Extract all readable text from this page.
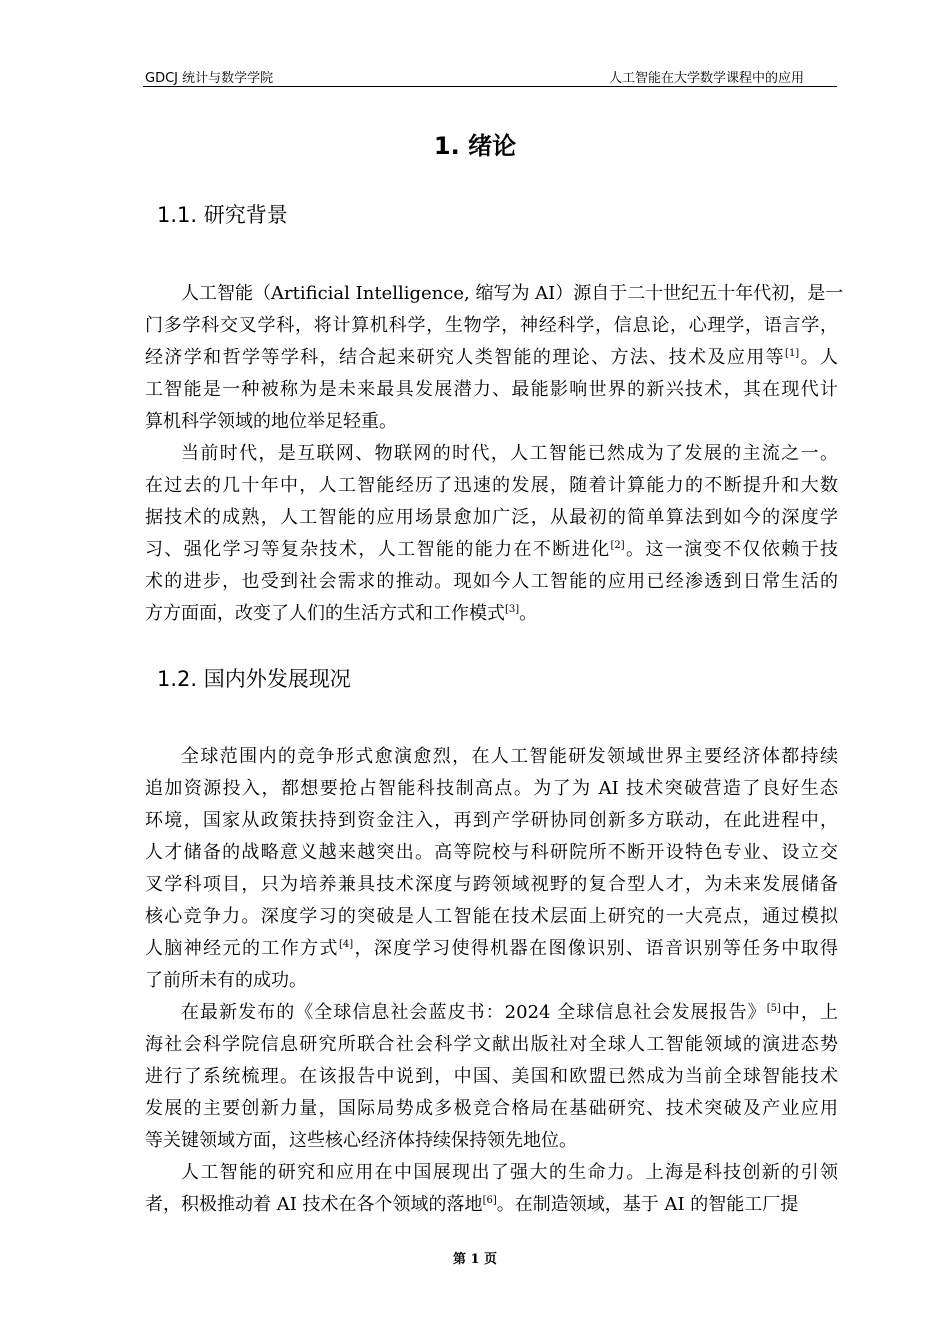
GDCJ 统计与数学学院	人工智能在大学数学课程中的应用
1. 绪论
1.1. 研究背景
人工智能（Artificial Intelligence, 缩写为 AI）源自于二十世纪五十年代初，是一
门多学科交叉学科，将计算机科学，生物学，神经科学，信息论，心理学，语言学，
经济学和哲学等学科，结合起来研究人类智能的理论、方法、技术及应用等[1]。人
工智能是一种被称为是未来最具发展潜力、最能影响世界的新兴技术，其在现代计
算机科学领域的地位举足轻重。
当前时代，是互联网、物联网的时代，人工智能已然成为了发展的主流之一。
在过去的几十年中，人工智能经历了迅速的发展，随着计算能力的不断提升和大数
据技术的成熟，人工智能的应用场景愈加广泛，从最初的简单算法到如今的深度学
习、强化学习等复杂技术，人工智能的能力在不断进化[2]。这一演变不仅依赖于技
术的进步，也受到社会需求的推动。现如今人工智能的应用已经渗透到日常生活的
方方面面，改变了人们的生活方式和工作模式[3]。
1.2. 国内外发展现况
全球范围内的竞争形式愈演愈烈，在人工智能研发领域世界主要经济体都持续
追加资源投入，都想要抢占智能科技制高点。为了为 AI 技术突破营造了良好生态
环境，国家从政策扶持到资金注入，再到产学研协同创新多方联动，在此进程中，
人才储备的战略意义越来越突出。高等院校与科研院所不断开设特色专业、设立交
叉学科项目，只为培养兼具技术深度与跨领域视野的复合型人才，为未来发展储备
核心竞争力。深度学习的突破是人工智能在技术层面上研究的一大亮点，通过模拟
人脑神经元的工作方式[4]，深度学习使得机器在图像识别、语音识别等任务中取得
了前所未有的成功。
在最新发布的《全球信息社会蓝皮书：2024 全球信息社会发展报告》[5]中，上
海社会科学院信息研究所联合社会科学文献出版社对全球人工智能领域的演进态势
进行了系统梳理。在该报告中说到，中国、美国和欧盟已然成为当前全球智能技术
发展的主要创新力量，国际局势成多极竞合格局在基础研究、技术突破及产业应用
等关键领域方面，这些核心经济体持续保持领先地位。
人工智能的研究和应用在中国展现出了强大的生命力。上海是科技创新的引领
者，积极推动着 AI 技术在各个领域的落地[6]。在制造领域，基于 AI 的智能工厂提
第 1 页
